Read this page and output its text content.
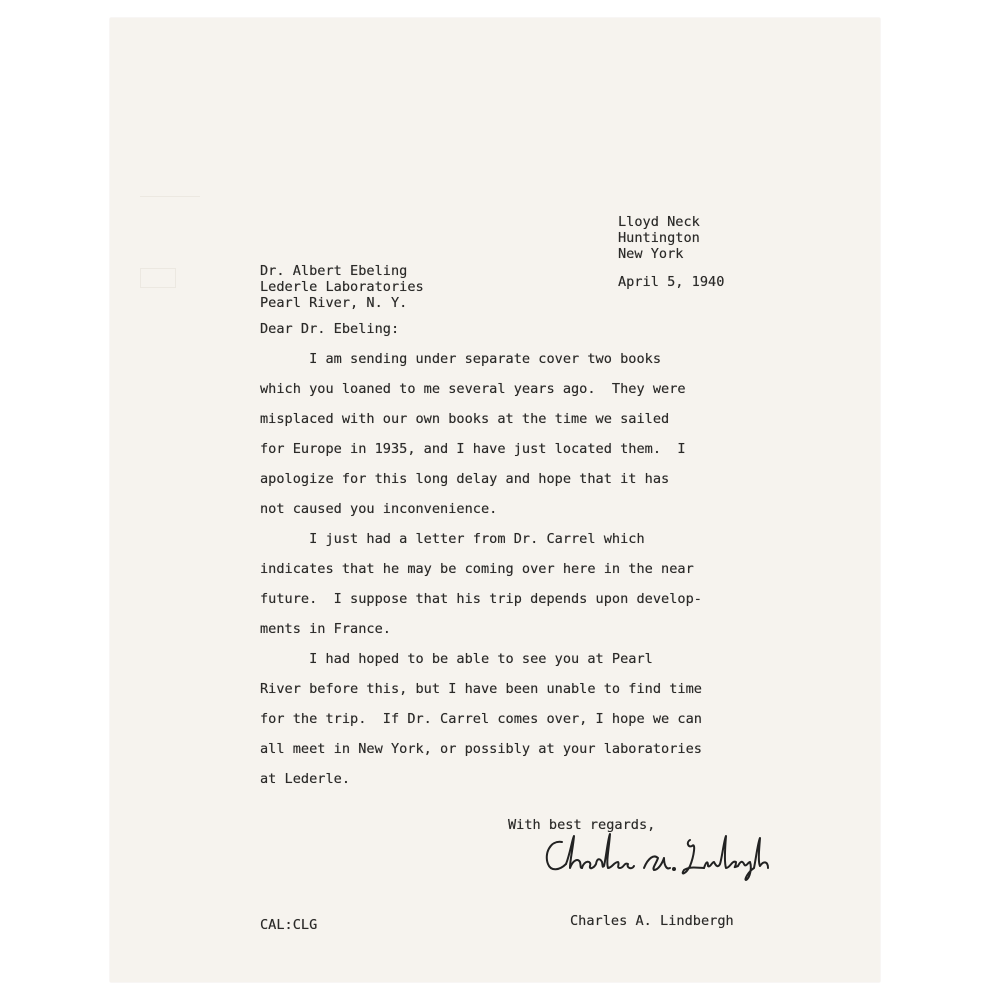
Lloyd Neck
Huntington
New York
April 5, 1940
Dr. Albert Ebeling
Lederle Laboratories
Pearl River, N. Y.
Dear Dr. Ebeling:
I am sending under separate cover two books
which you loaned to me several years ago.  They were
misplaced with our own books at the time we sailed
for Europe in 1935, and I have just located them.  I
apologize for this long delay and hope that it has
not caused you inconvenience.
I just had a letter from Dr. Carrel which
indicates that he may be coming over here in the near
future.  I suppose that his trip depends upon develop-
ments in France.
I had hoped to be able to see you at Pearl
River before this, but I have been unable to find time
for the trip.  If Dr. Carrel comes over, I hope we can
all meet in New York, or possibly at your laboratories
at Lederle.
With best regards,
Charles A. Lindbergh
CAL:CLG
